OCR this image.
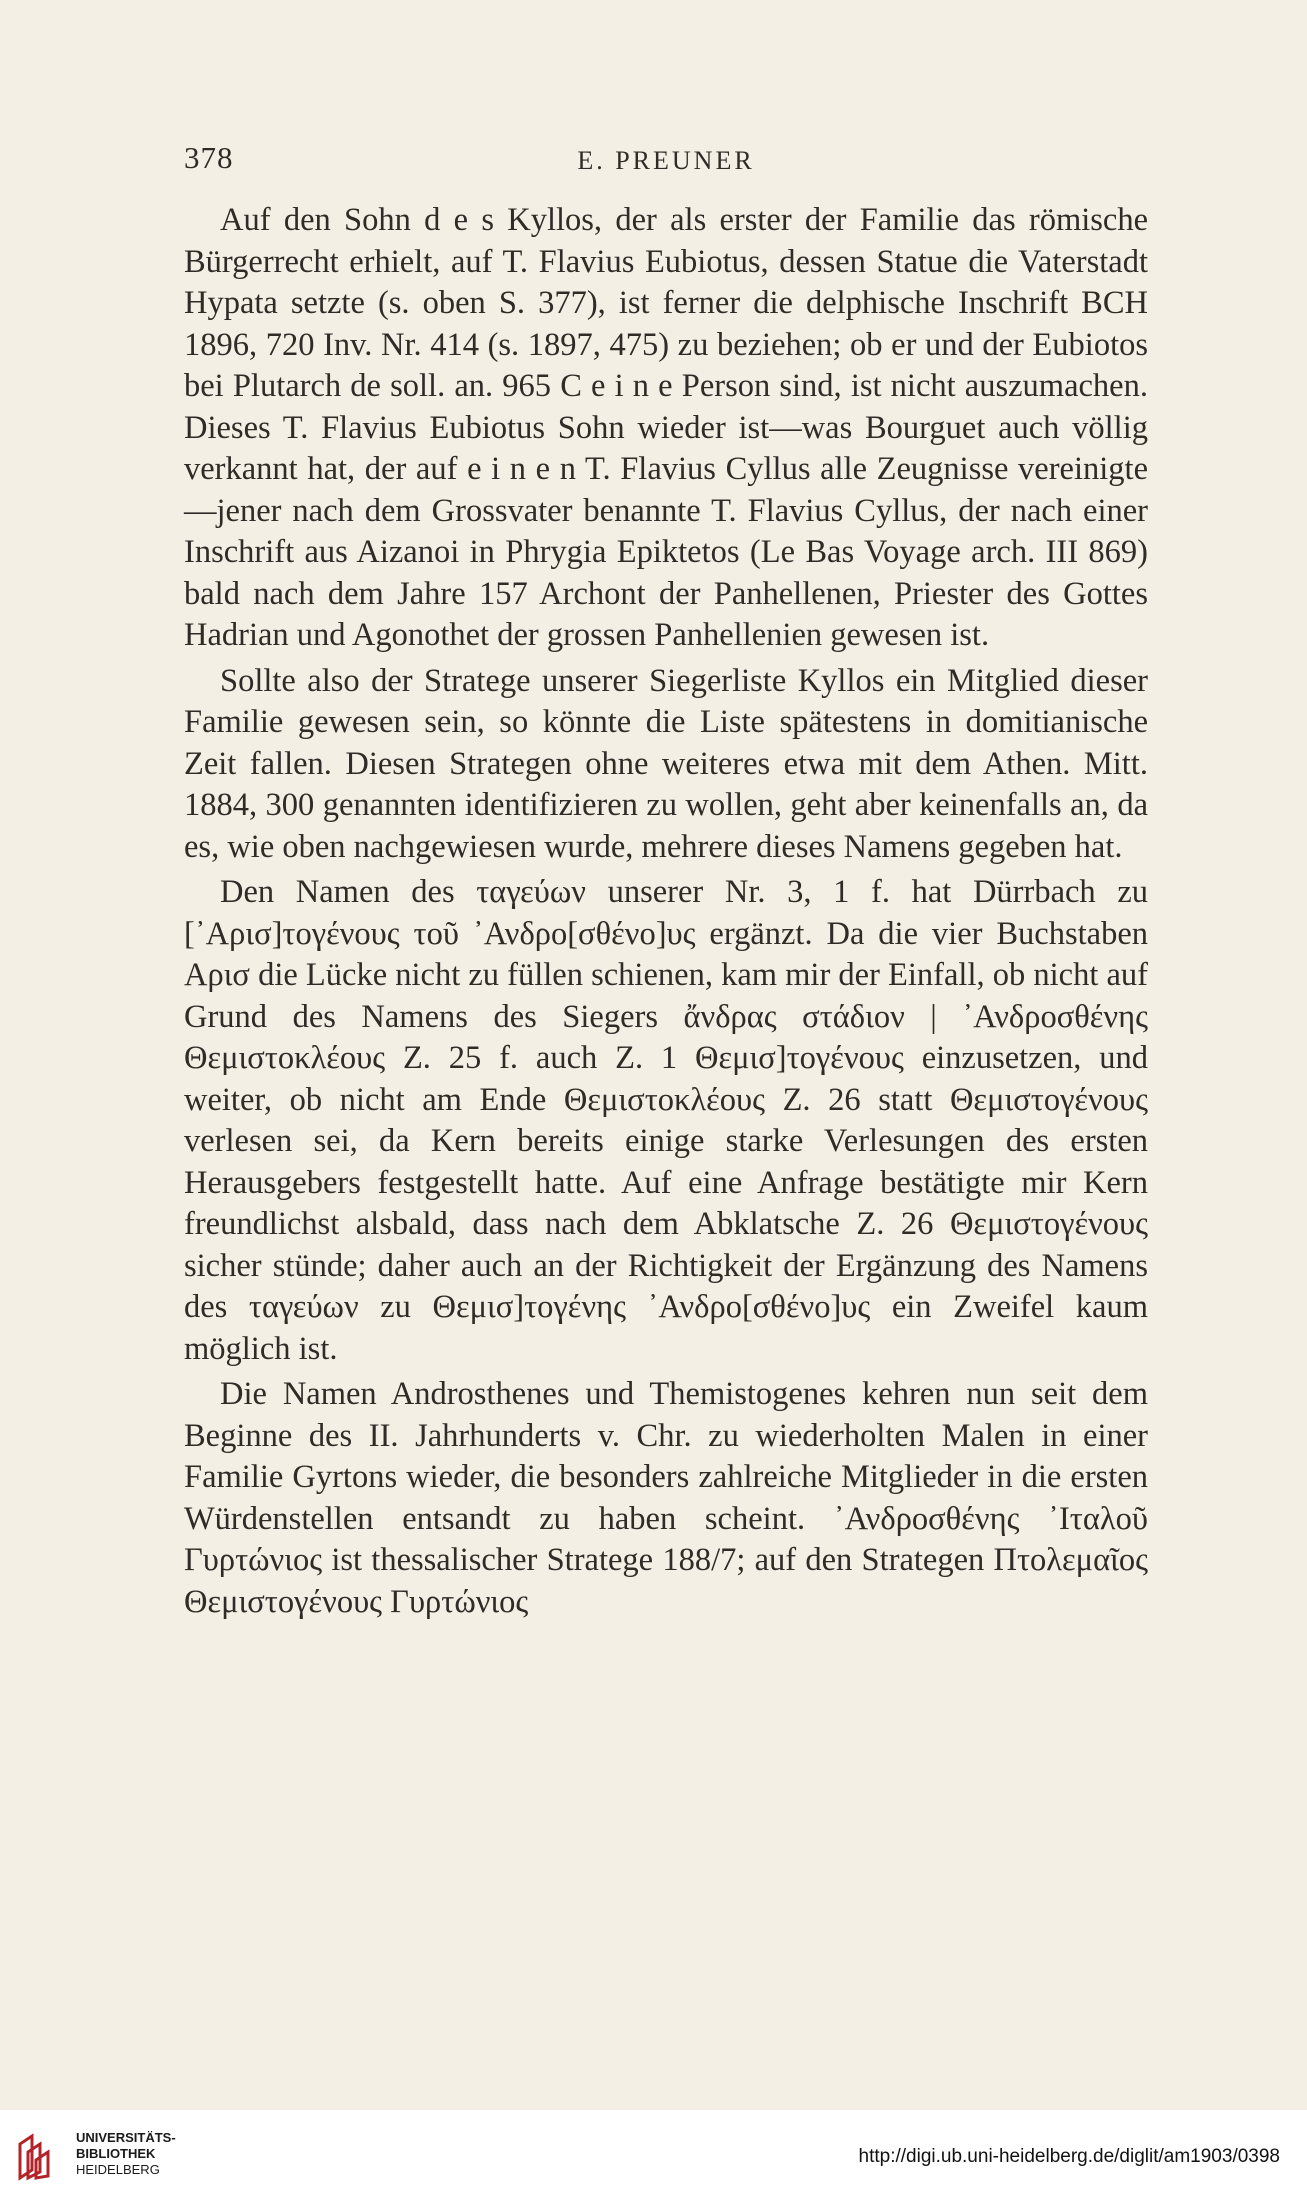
378	E. PREUNER

Auf den Sohn d e s Kyllos, der als erster der Familie das römische Bürgerrecht erhielt, auf T. Flavius Eubiotus, dessen Statue die Vaterstadt Hypata setzte (s. oben S. 377), ist ferner die delphische Inschrift BCH 1896, 720 Inv. Nr. 414 (s. 1897, 475) zu beziehen; ob er und der Eubiotos bei Plutarch de soll. an. 965 C e i n e Person sind, ist nicht auszumachen. Dieses T. Flavius Eubiotus Sohn wieder ist—was Bourguet auch völlig verkannt hat, der auf e i n e n T. Flavius Cyllus alle Zeugnisse vereinigte—jener nach dem Grossvater benannte T. Flavius Cyllus, der nach einer Inschrift aus Aizanoi in Phrygia Epiktetos (Le Bas Voyage arch. III 869) bald nach dem Jahre 157 Archont der Panhellenen, Priester des Gottes Hadrian und Agonothet der grossen Panhellenien gewesen ist.

Sollte also der Stratege unserer Siegerliste Kyllos ein Mitglied dieser Familie gewesen sein, so könnte die Liste spätestens in domitianische Zeit fallen. Diesen Strategen ohne weiteres etwa mit dem Athen. Mitt. 1884, 300 genannten identifizieren zu wollen, geht aber keinenfalls an, da es, wie oben nachgewiesen wurde, mehrere dieses Namens gegeben hat.

Den Namen des ταγεύων unserer Nr. 3, 1 f. hat Dürrbach zu [᾿Αρισ]τογένους τοῦ ᾿Ανδρο[σθένο]υς ergänzt. Da die vier Buchstaben Αρισ die Lücke nicht zu füllen schienen, kam mir der Einfall, ob nicht auf Grund des Namens des Siegers ἄνδρας στάδιον | ᾿Ανδροσθένης Θεμιστοκλέους Z. 25 f. auch Z. 1 Θεμισ]τογένους einzusetzen, und weiter, ob nicht am Ende Θεμιστοκλέους Z. 26 statt Θεμιστογένους verlesen sei, da Kern bereits einige starke Verlesungen des ersten Herausgebers festgestellt hatte. Auf eine Anfrage bestätigte mir Kern freundlichst alsbald, dass nach dem Abklatsche Z. 26 Θεμιστογένους sicher stünde; daher auch an der Richtigkeit der Ergänzung des Namens des ταγεύων zu Θεμισ]τογένης ᾿Ανδρο[σθένο]υς ein Zweifel kaum möglich ist.

Die Namen Androsthenes und Themistogenes kehren nun seit dem Beginne des II. Jahrhunderts v. Chr. zu wiederholten Malen in einer Familie Gyrtons wieder, die besonders zahlreiche Mitglieder in die ersten Würdenstellen entsandt zu haben scheint. ᾿Ανδροσθένης ᾿Ιταλοῦ Γυρτώνιος ist thessalischer Stratege 188/7; auf den Strategen Πτολεμαῖος Θεμιστογένους Γυρτώνιος

UNIVERSITÄTS-
BIBLIOTHEK
HEIDELBERG
http://digi.ub.uni-heidelberg.de/diglit/am1903/0398
